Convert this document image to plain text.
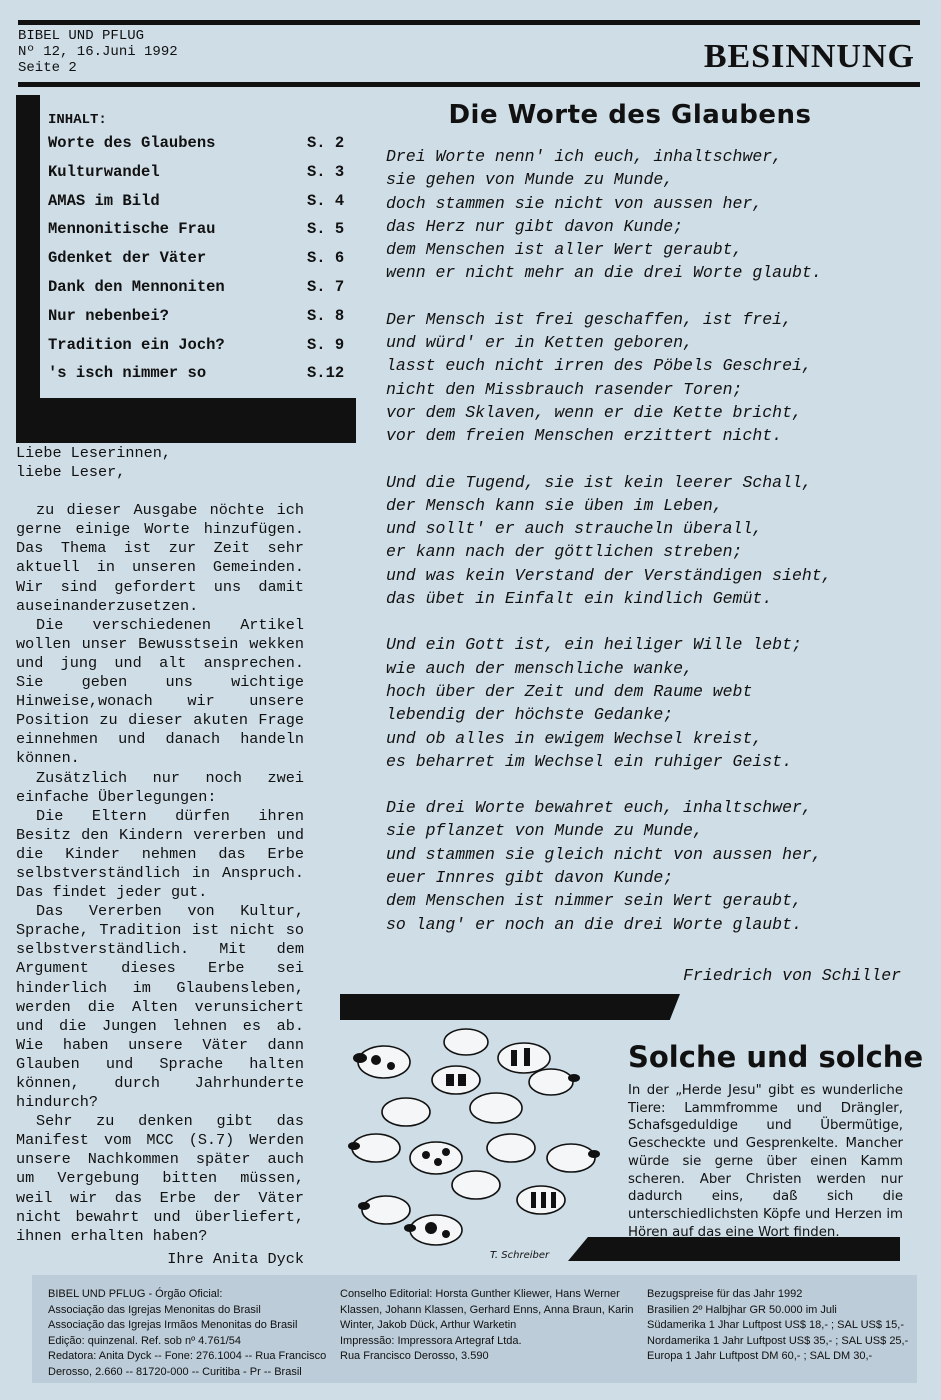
BIBEL UND PFLUG
Nº 12, 16.Juni 1992
Seite 2	BESINNUNG
INHALT:
Worte des Glaubens	S. 2
Kulturwandel	S. 3
AMAS im Bild	S. 4
Mennonitische Frau	S. 5
Gdenket der Väter	S. 6
Dank den Mennoniten	S. 7
Nur nebenbei?	S. 8
Tradition ein Joch?	S. 9
's isch nimmer so	S.12

Liebe Leserinnen,

liebe Leser,

zu dieser Ausgabe nöchte ich gerne einige Worte hinzufügen. Das Thema ist zur Zeit sehr aktuell in unseren Gemeinden. Wir sind gefordert uns damit auseinanderzusetzen.

Die verschiedenen Artikel wollen unser Bewusstsein wekken und jung und alt ansprechen. Sie geben uns wichtige Hinweise,wonach wir unsere Position zu dieser akuten Frage einnehmen und danach handeln können.

Zusätzlich nur noch zwei einfache Überlegungen:

Die Eltern dürfen ihren Besitz den Kindern vererben und die Kinder nehmen das Erbe selbstverständlich in Anspruch. Das findet jeder gut.

Das Vererben von Kultur, Sprache, Tradition ist nicht so selbstverständlich. Mit dem Argument dieses Erbe sei hinderlich im Glaubensleben, werden die Alten verunsichert und die Jungen lehnen es ab. Wie haben unsere Väter dann Glauben und Sprache halten können, durch Jahrhunderte hindurch?

Sehr zu denken gibt das Manifest vom MCC (S.7) Werden unsere Nachkommen später auch um Vergebung bitten müssen, weil wir das Erbe der Väter nicht bewahrt und überliefert, ihnen erhalten haben?

Ihre Anita Dyck

Die Worte des Glaubens
Drei Worte nenn' ich euch, inhaltschwer,
sie gehen von Munde zu Munde,
doch stammen sie nicht von aussen her,
das Herz nur gibt davon Kunde;
dem Menschen ist aller Wert geraubt,
wenn er nicht mehr an die drei Worte glaubt.
Der Mensch ist frei geschaffen, ist frei,
und würd' er in Ketten geboren,
lasst euch nicht irren des Pöbels Geschrei,
nicht den Missbrauch rasender Toren;
vor dem Sklaven, wenn er die Kette bricht,
vor dem freien Menschen erzittert nicht.
Und die Tugend, sie ist kein leerer Schall,
der Mensch kann sie üben im Leben,
und sollt' er auch straucheln überall,
er kann nach der göttlichen streben;
und was kein Verstand der Verständigen sieht,
das übet in Einfalt ein kindlich Gemüt.
Und ein Gott ist, ein heiliger Wille lebt;
wie auch der menschliche wanke,
hoch über der Zeit und dem Raume webt
lebendig der höchste Gedanke;
und ob alles in ewigem Wechsel kreist,
es beharret im Wechsel ein ruhiger Geist.
Die drei Worte bewahret euch, inhaltschwer,
sie pflanzet von Munde zu Munde,
und stammen sie gleich nicht von aussen her,
euer Innres gibt davon Kunde;
dem Menschen ist nimmer sein Wert geraubt,
so lang' er noch an die drei Worte glaubt.
Friedrich von Schiller
T. Schreiber
Solche und solche
In der „Herde Jesu" gibt es wunderliche Tiere: Lammfromme und Drängler, Schafsgeduldige und Übermütige, Gescheckte und Gesprenkelte. Mancher würde sie gerne über einen Kamm scheren. Aber Christen werden nur dadurch eins, daß sich die unterschiedlichsten Köpfe und Herzen im Hören auf das eine Wort finden.
BIBEL UND PFLUG - Órgão Oficial:
Associação das Igrejas Menonitas do Brasil
Associação das Igrejas Irmãos Menonitas do Brasil
Edição: quinzenal. Ref. sob nº 4.761/54
Redatora: Anita Dyck -- Fone: 276.1004 -- Rua Francisco
Derosso, 2.660 -- 81720-000 -- Curitiba - Pr -- Brasil
Conselho Editorial: Horsta Gunther Kliewer, Hans Werner
Klassen, Johann Klassen, Gerhard Enns, Anna Braun, Karin
Winter, Jakob Dück, Arthur Warketin
Impressão: Impressora Artegraf Ltda.
Rua Francisco Derosso, 3.590
Bezugspreise für das Jahr 1992
Brasilien 2º Halbjhar GR 50.000 im Juli
Südamerika 1 Jhar Luftpost US$ 18,- ; SAL US$ 15,-
Nordamerika 1 Jahr Luftpost US$ 35,- ; SAL US$ 25,-
Europa 1 Jahr Luftpost DM 60,- ; SAL DM 30,-
